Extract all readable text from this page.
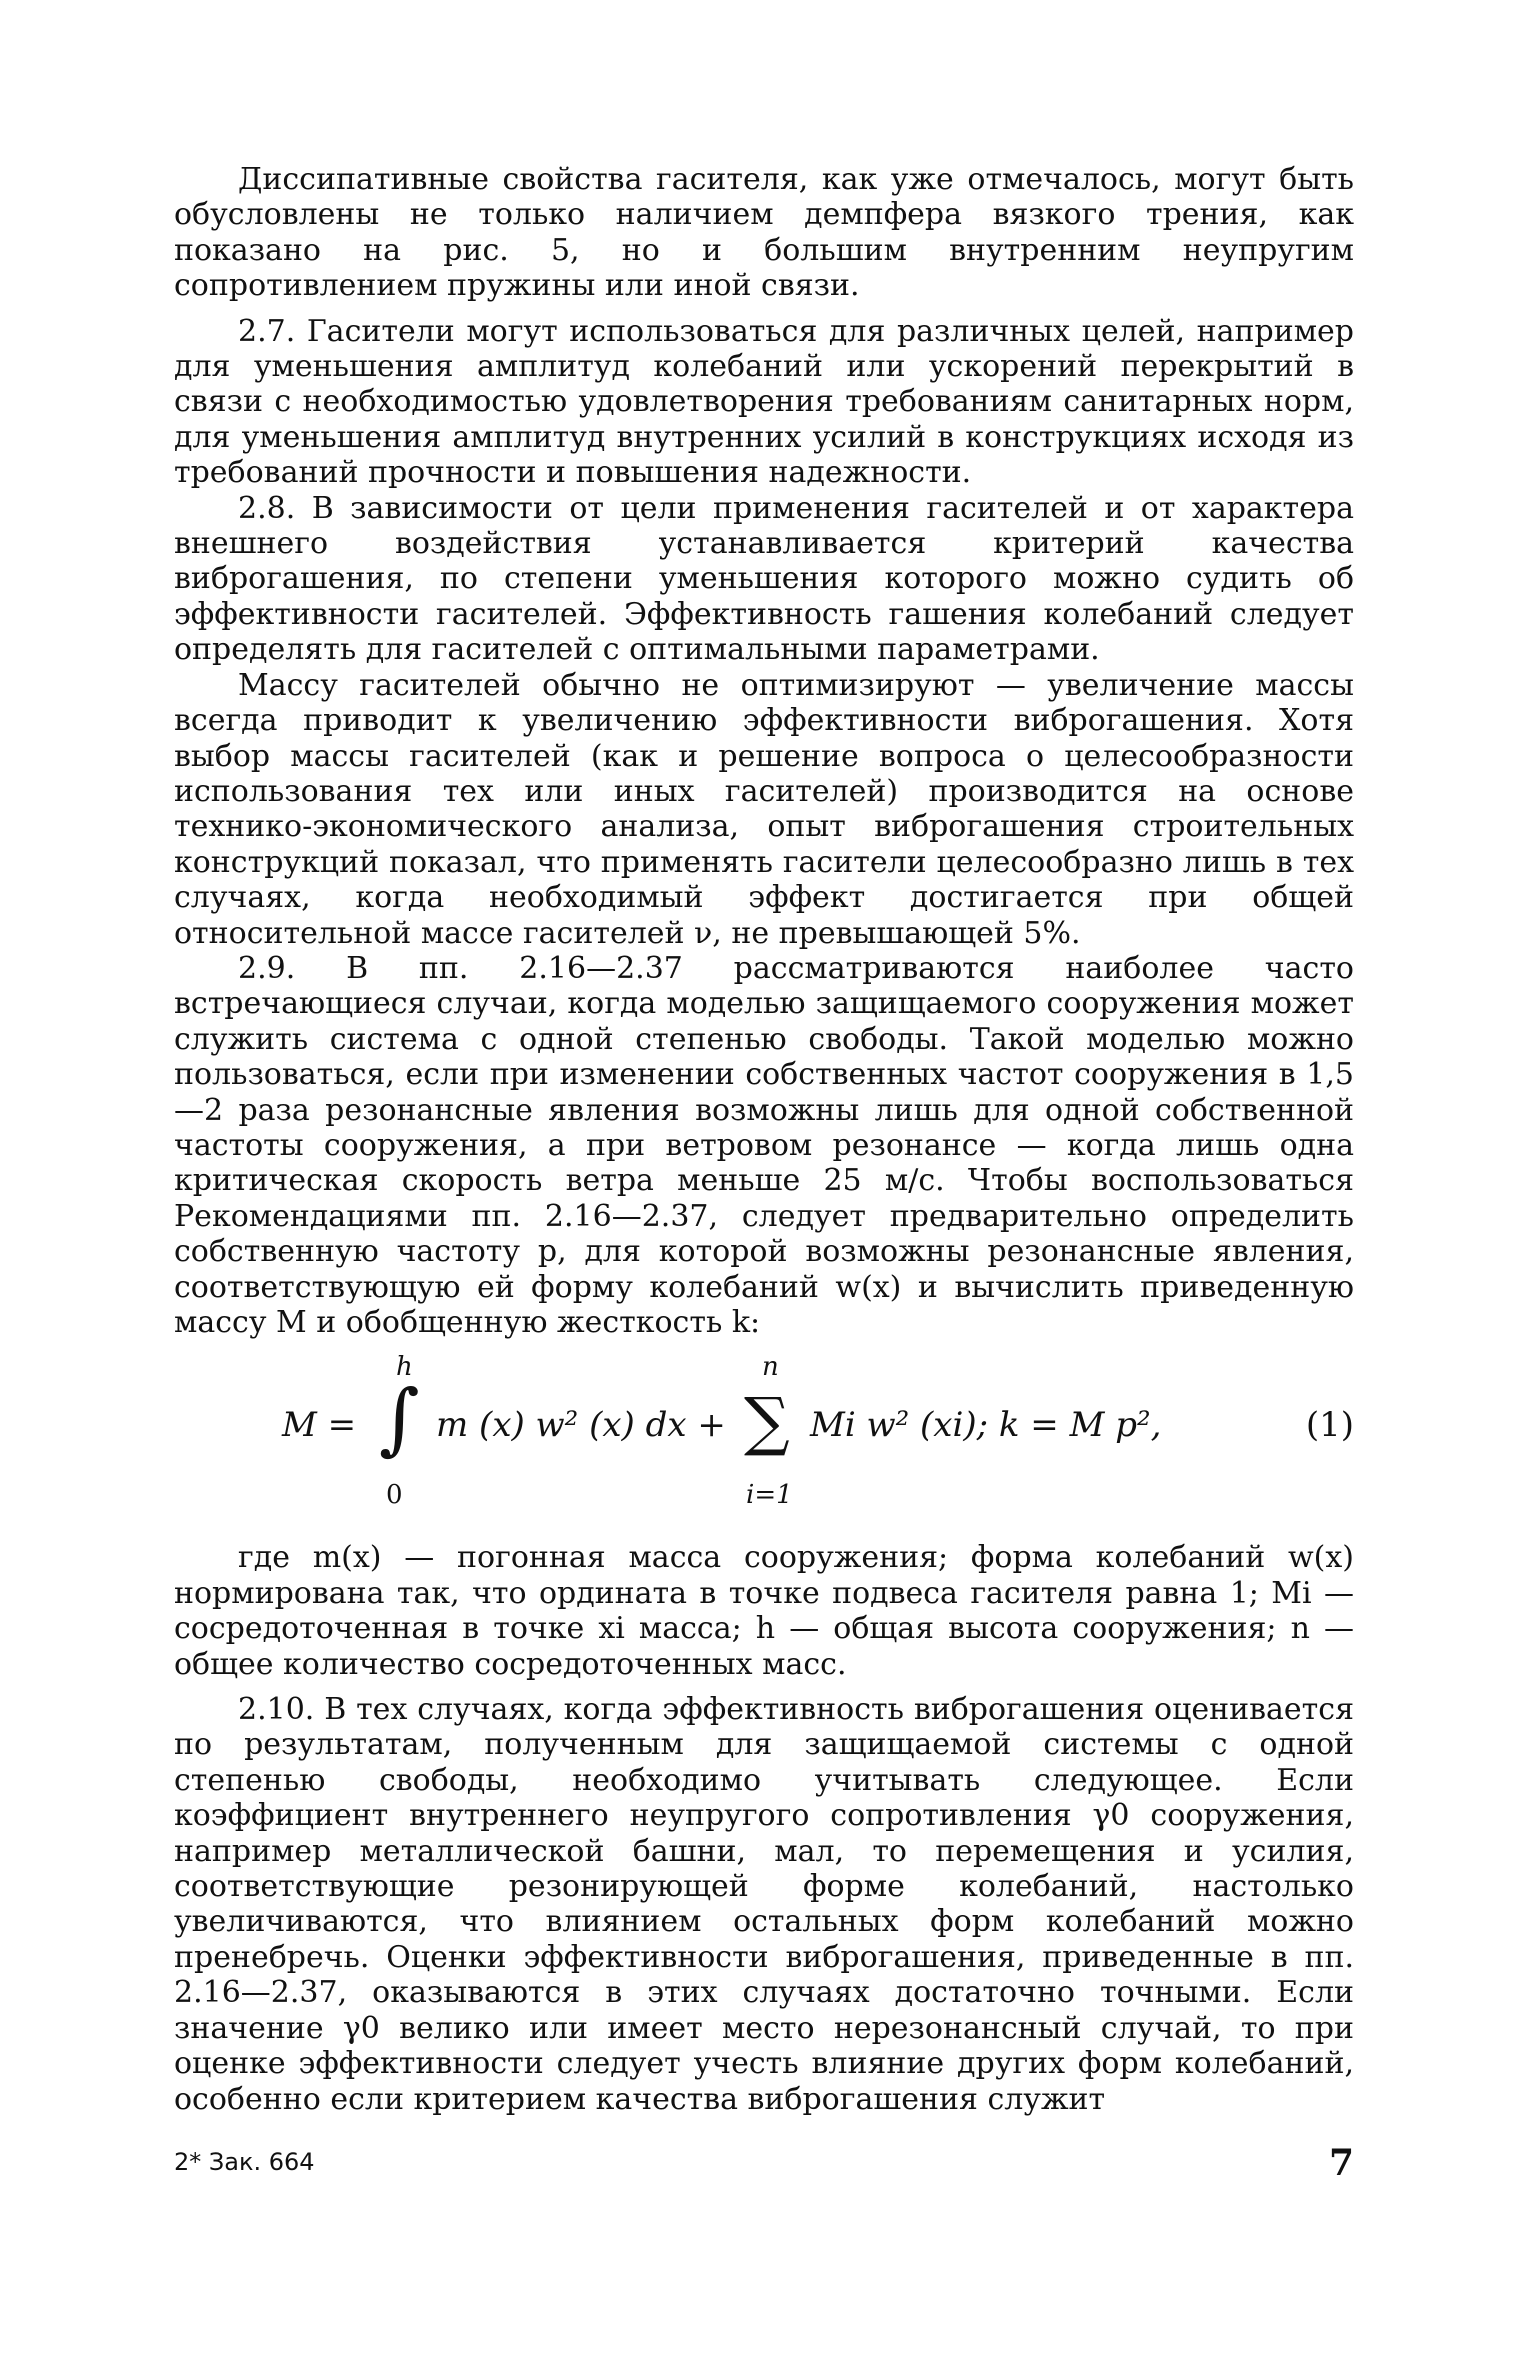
Диссипативные свойства гасителя, как уже отмечалось, могут быть обусловлены не только наличием демпфера вязкого трения, как показано на рис. 5, но и большим внутренним неупругим сопротивлением пружины или иной связи.

2.7. Гасители могут использоваться для различных целей, например для уменьшения амплитуд колебаний или ускорений перекрытий в связи с необходимостью удовлетворения требованиям санитарных норм, для уменьшения амплитуд внутренних усилий в конструкциях исходя из требований прочности и повышения надежности.

2.8. В зависимости от цели применения гасителей и от характера внешнего воздействия устанавливается критерий качества виброгашения, по степени уменьшения которого можно судить об эффективности гасителей. Эффективность гашения колебаний следует определять для гасителей с оптимальными параметрами.

Массу гасителей обычно не оптимизируют — увеличение массы всегда приводит к увеличению эффективности виброгашения. Хотя выбор массы гасителей (как и решение вопроса о целесообразности использования тех или иных гасителей) производится на основе технико-экономического анализа, опыт виброгашения строительных конструкций показал, что применять гасители целесообразно лишь в тех случаях, когда необходимый эффект достигается при общей относительной массе гасителей ν, не превышающей 5%.

2.9. В пп. 2.16—2.37 рассматриваются наиболее часто встречающиеся случаи, когда моделью защищаемого сооружения может служить система с одной степенью свободы. Такой моделью можно пользоваться, если при изменении собственных частот сооружения в 1,5—2 раза резонансные явления возможны лишь для одной собственной частоты сооружения, а при ветровом резонансе — когда лишь одна критическая скорость ветра меньше 25 м/с. Чтобы воспользоваться Рекомендациями пп. 2.16—2.37, следует предварительно определить собственную частоту p, для которой возможны резонансные явления, соответствующую ей форму колебаний w(x) и вычислить приведенную массу M и обобщенную жесткость k:

h
0
M = ∫ m (x) w² (x) dx +
n
∑
i=1
Mi w² (xi); k = M p²,	(1)

где m(x) — погонная масса сооружения; форма колебаний w(x) нормирована так, что ордината в точке подвеса гасителя равна 1; Mi — сосредоточенная в точке xi масса; h — общая высота сооружения; n — общее количество сосредоточенных масс.

2.10. В тех случаях, когда эффективность виброгашения оценивается по результатам, полученным для защищаемой системы с одной степенью свободы, необходимо учитывать следующее. Если коэффициент внутреннего неупругого сопротивления γ0 сооружения, например металлической башни, мал, то перемещения и усилия, соответствующие резонирующей форме колебаний, настолько увеличиваются, что влиянием остальных форм колебаний можно пренебречь. Оценки эффективности виброгашения, приведенные в пп. 2.16—2.37, оказываются в этих случаях достаточно точными. Если значение γ0 велико или имеет место нерезонансный случай, то при оценке эффективности следует учесть влияние других форм колебаний, особенно если критерием качества виброгашения служит

2* Зак. 664	7
